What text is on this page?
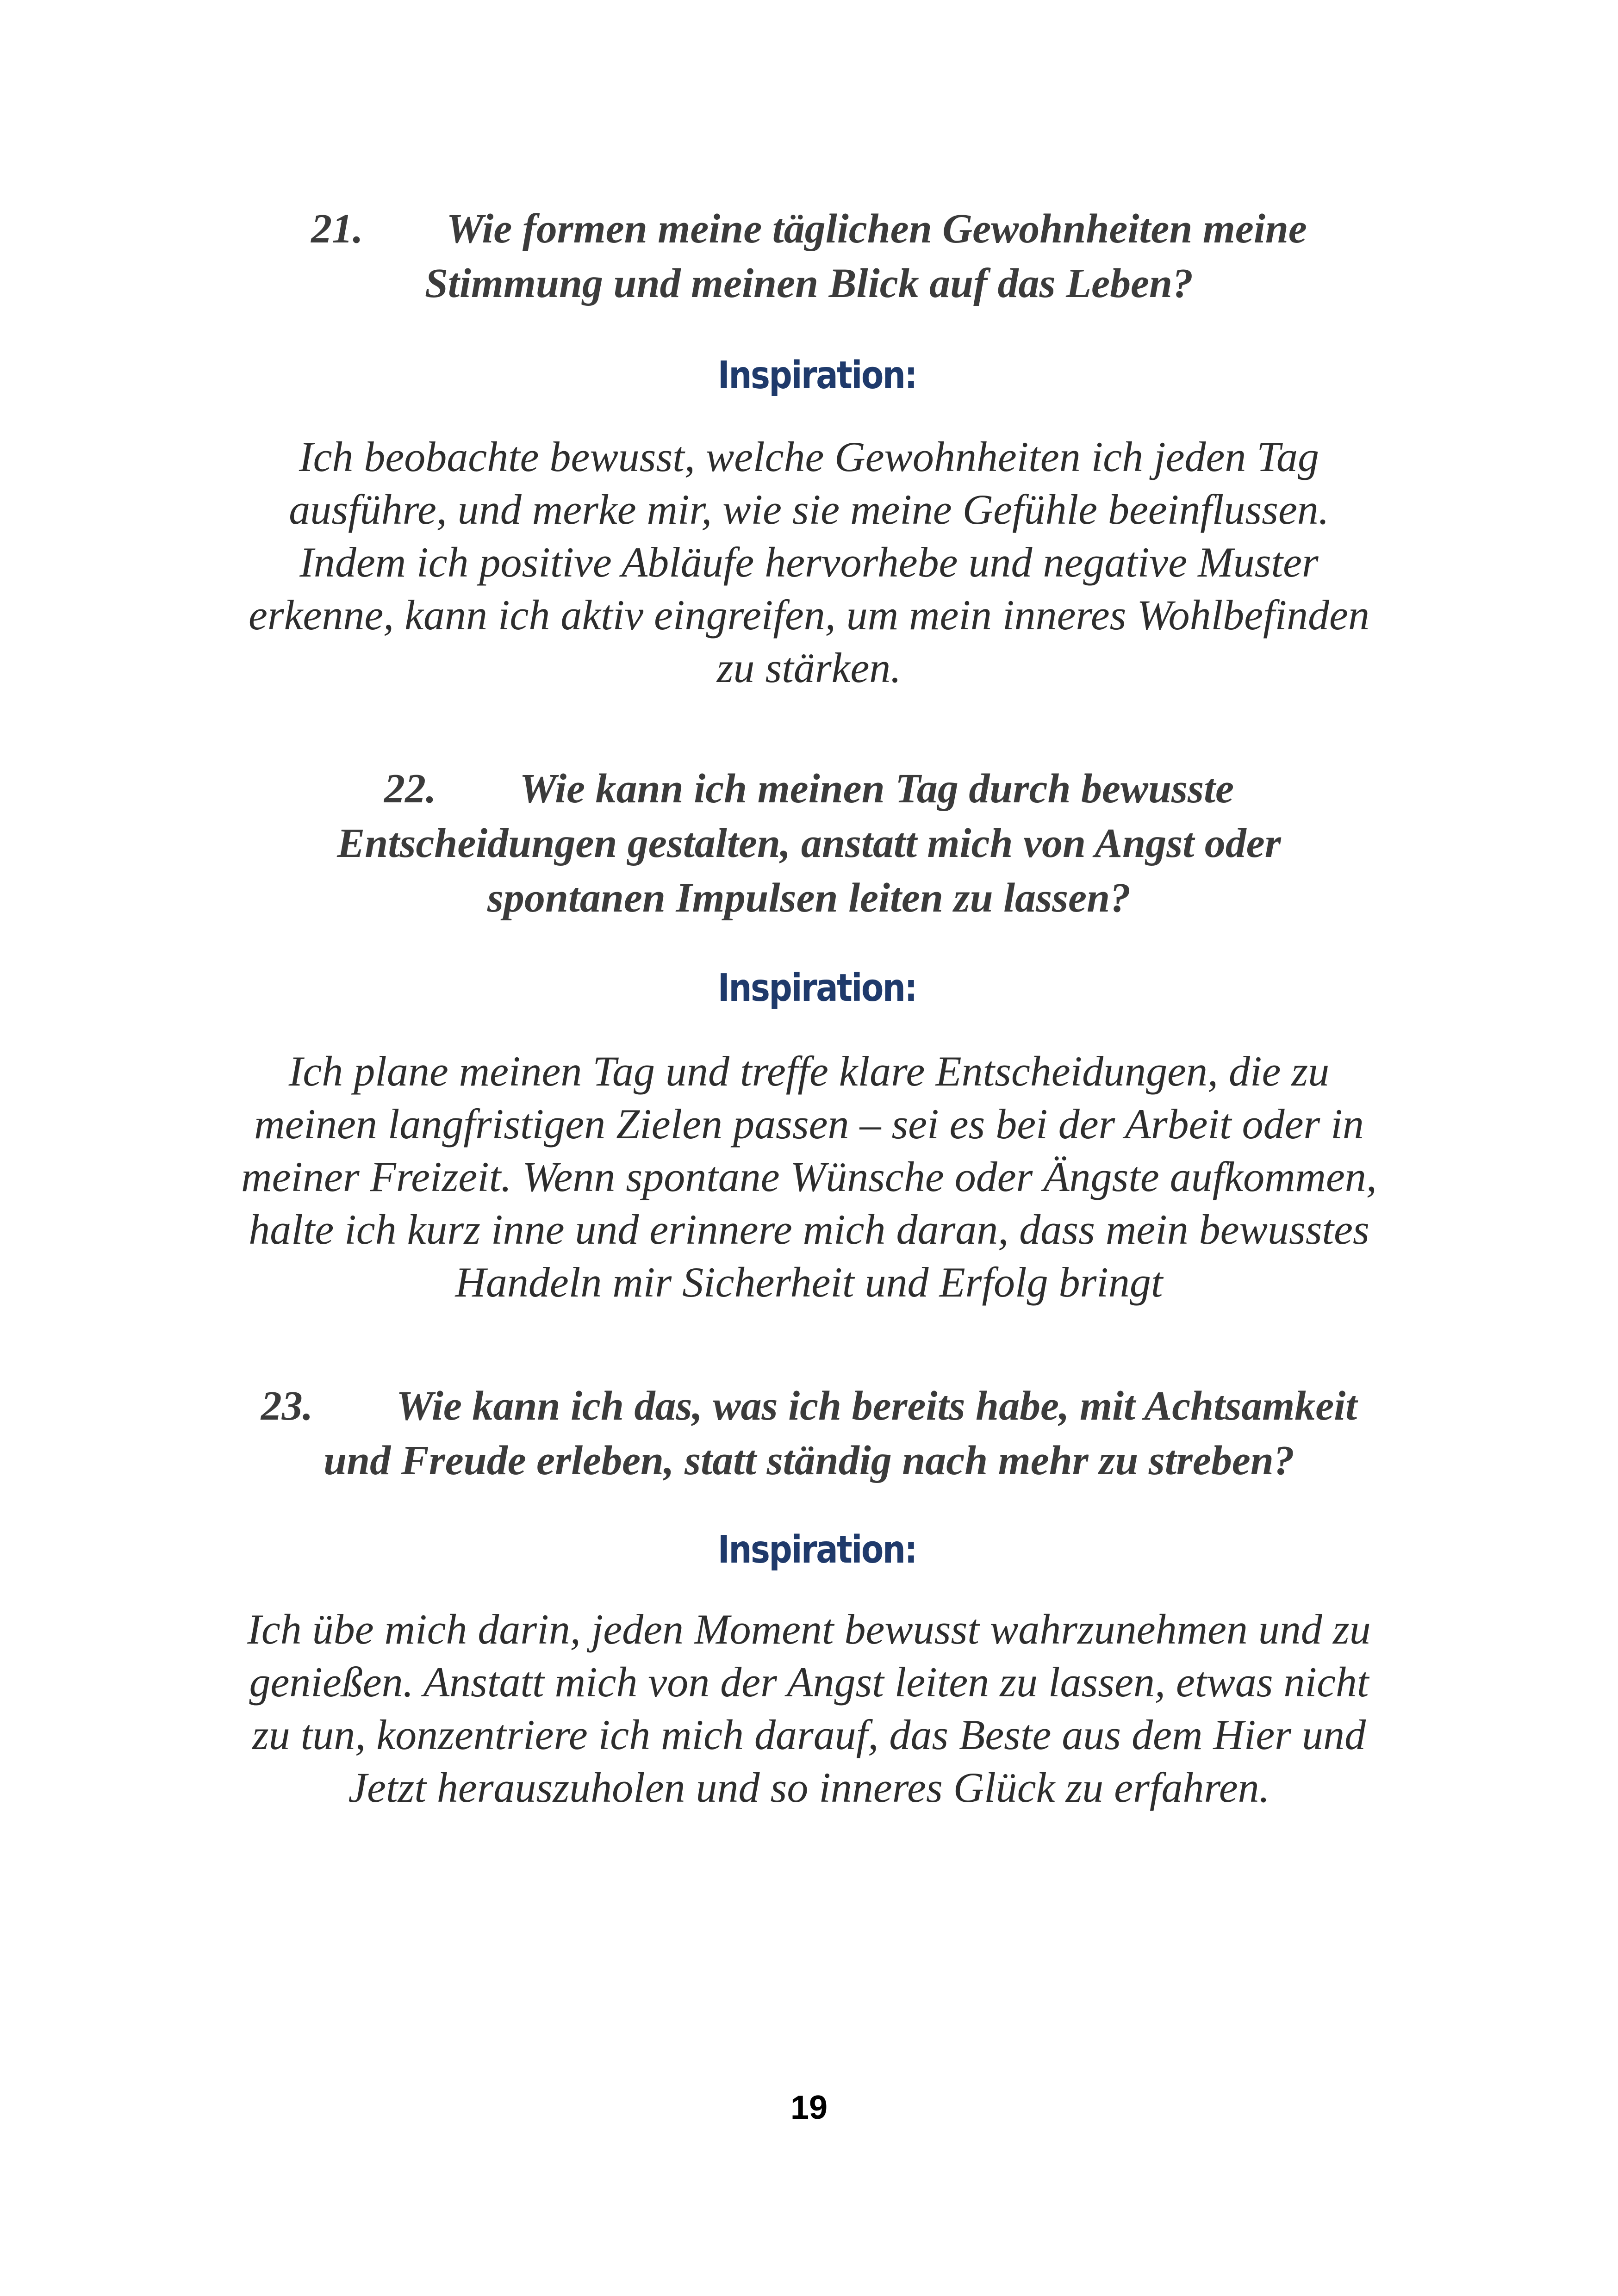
21. Wie formen meine täglichen Gewohnheiten meine
Stimmung und meinen Blick auf das Leben?
Inspiration:
Ich beobachte bewusst, welche Gewohnheiten ich jeden Tag
ausführe, und merke mir, wie sie meine Gefühle beeinflussen.
Indem ich positive Abläufe hervorhebe und negative Muster
erkenne, kann ich aktiv eingreifen, um mein inneres Wohlbefinden
zu stärken.
22. Wie kann ich meinen Tag durch bewusste
Entscheidungen gestalten, anstatt mich von Angst oder
spontanen Impulsen leiten zu lassen?
Inspiration:
Ich plane meinen Tag und treffe klare Entscheidungen, die zu
meinen langfristigen Zielen passen – sei es bei der Arbeit oder in
meiner Freizeit. Wenn spontane Wünsche oder Ängste aufkommen,
halte ich kurz inne und erinnere mich daran, dass mein bewusstes
Handeln mir Sicherheit und Erfolg bringt
23. Wie kann ich das, was ich bereits habe, mit Achtsamkeit
und Freude erleben, statt ständig nach mehr zu streben?
Inspiration:
Ich übe mich darin, jeden Moment bewusst wahrzunehmen und zu
genießen. Anstatt mich von der Angst leiten zu lassen, etwas nicht
zu tun, konzentriere ich mich darauf, das Beste aus dem Hier und
Jetzt herauszuholen und so inneres Glück zu erfahren.
19
